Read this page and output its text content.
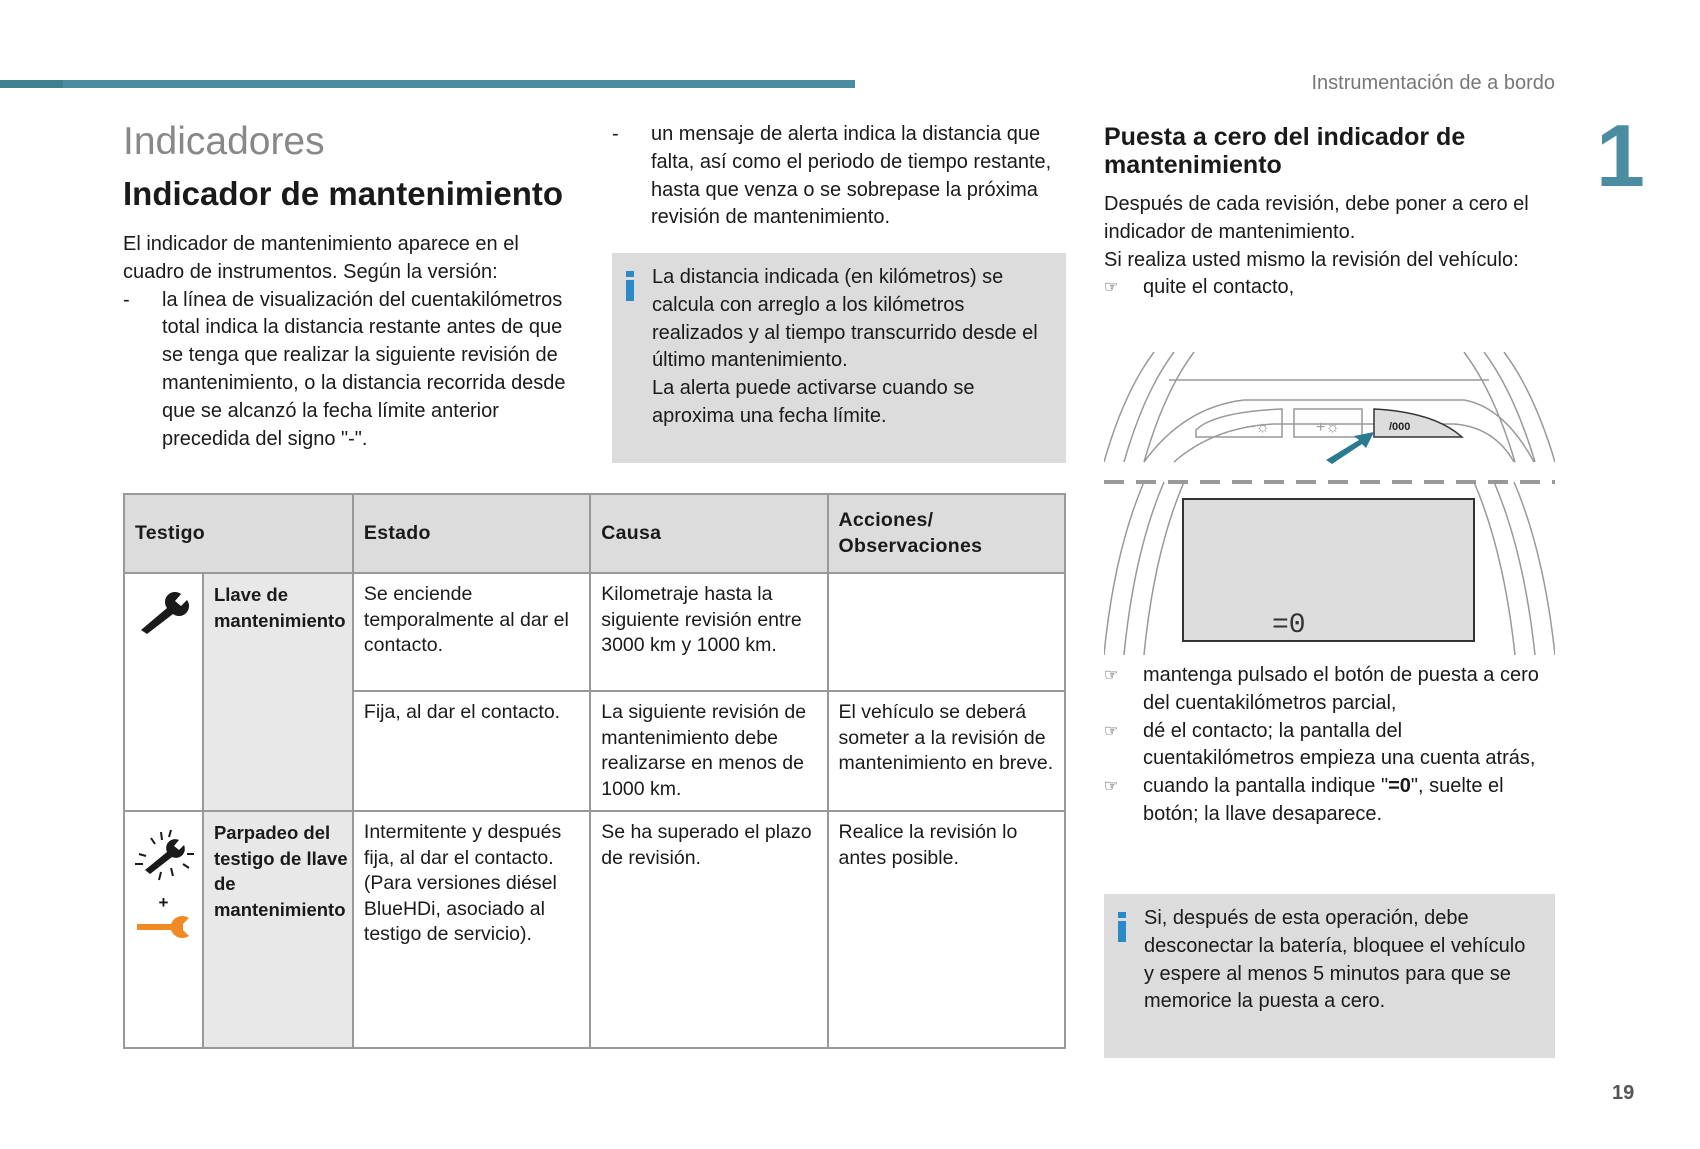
Instrumentación de a bordo
1
19
Indicadores
Indicador de mantenimiento

El indicador de mantenimiento aparece en el cuadro de instrumentos. Según la versión:

-	la línea de visualización del cuentakilómetros total indica la distancia restante antes de que se tenga que realizar la siguiente revisión de mantenimiento, o la distancia recorrida desde que se alcanzó la fecha límite anterior precedida del signo "-".
-	un mensaje de alerta indica la distancia que falta, así como el periodo de tiempo restante, hasta que venza o se sobrepase la próxima revisión de mantenimiento.

La distancia indicada (en kilómetros) se calcula con arreglo a los kilómetros realizados y al tiempo transcurrido desde el último mantenimiento.

La alerta puede activarse cuando se aproxima una fecha límite.

Puesta a cero del indicador de mantenimiento

Después de cada revisión, debe poner a cero el indicador de mantenimiento.

Si realiza usted mismo la revisión del vehículo:

☞	quite el contacto,
−☼	+☼	/000
=0
☞	mantenga pulsado el botón de puesta a cero del cuentakilómetros parcial,
☞	dé el contacto; la pantalla del cuentakilómetros empieza una cuenta atrás,
☞	cuando la pantalla indique "=0", suelte el botón; la llave desaparece.

Si, después de esta operación, debe desconectar la batería, bloquee el vehículo y espere al menos 5 minutos para que se memorice la puesta a cero.

Testigo		Estado	Causa	Acciones/ Observaciones
	Llave de mantenimiento	Se enciende temporalmente al dar el contacto.	Kilometraje hasta la siguiente revisión entre 3000 km y 1000 km.	
		Fija, al dar el contacto.	La siguiente revisión de mantenimiento debe realizarse en menos de 1000 km.	El vehículo se deberá someter a la revisión de mantenimiento en breve.

+	Parpadeo del testigo de llave de mantenimiento	Intermitente y después fija, al dar el contacto. (Para versiones diésel BlueHDi, asociado al testigo de servicio).	Se ha superado el plazo de revisión.	Realice la revisión lo antes posible.
